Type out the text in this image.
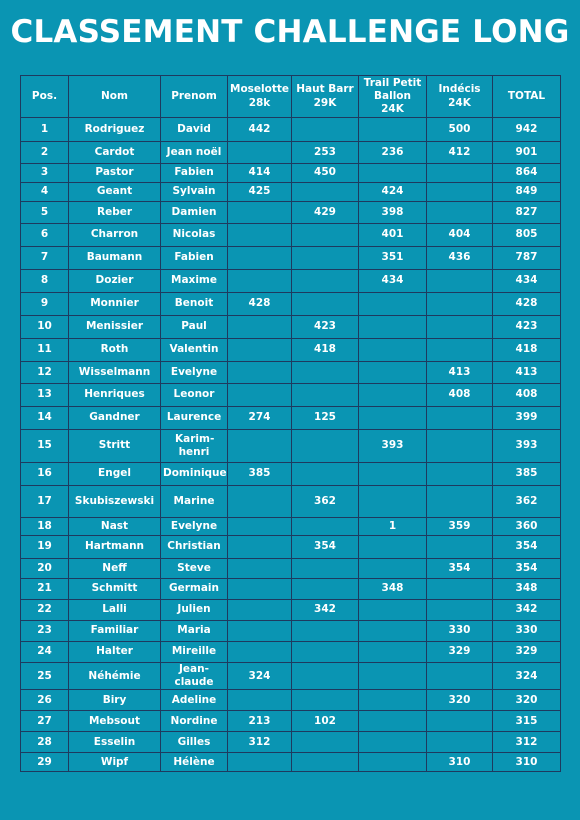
CLASSEMENT CHALLENGE LONG
Pos.	Nom	Prenom	Moselotte 28k	Haut Barr 29K	Trail Petit Ballon 24K	Indécis 24K	TOTAL
1	Rodriguez	David	442			500	942
2	Cardot	Jean noël		253	236	412	901
3	Pastor	Fabien	414	450			864
4	Geant	Sylvain	425		424		849
5	Reber	Damien		429	398		827
6	Charron	Nicolas			401	404	805
7	Baumann	Fabien			351	436	787
8	Dozier	Maxime			434		434
9	Monnier	Benoit	428				428
10	Menissier	Paul		423			423
11	Roth	Valentin		418			418
12	Wisselmann	Evelyne				413	413
13	Henriques	Leonor				408	408
14	Gandner	Laurence	274	125			399
15	Stritt	Karim-henri			393		393
16	Engel	Dominique	385				385
17	Skubiszewski	Marine		362			362
18	Nast	Evelyne			1	359	360
19	Hartmann	Christian		354			354
20	Neff	Steve				354	354
21	Schmitt	Germain			348		348
22	Lalli	Julien		342			342
23	Familiar	Maria				330	330
24	Halter	Mireille				329	329
25	Néhémie	Jean-claude	324				324
26	Biry	Adeline				320	320
27	Mebsout	Nordine	213	102			315
28	Esselin	Gilles	312				312
29	Wipf	Hélène				310	310
